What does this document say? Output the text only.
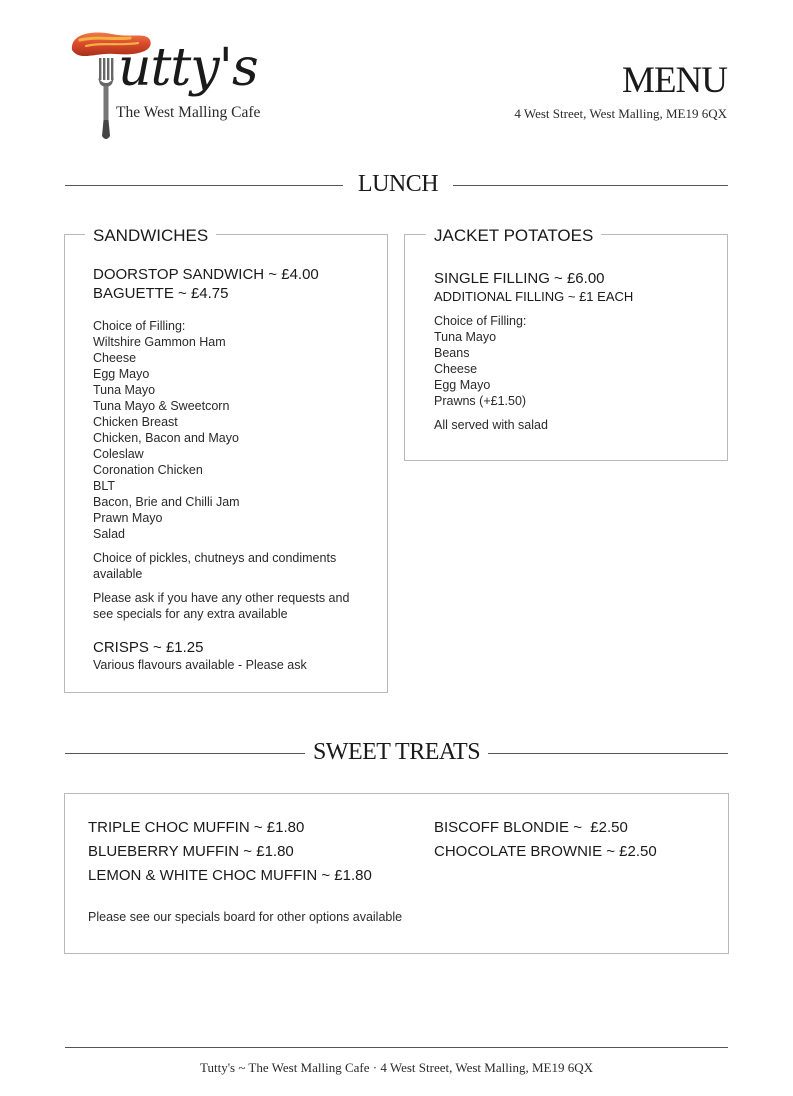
utty's
The West Malling Cafe
MENU
4 West Street, West Malling, ME19 6QX
LUNCH
SANDWICHES
DOORSTOP SANDWICH ~ £4.00
BAGUETTE ~ £4.75
Choice of Filling:
Wiltshire Gammon Ham
Cheese
Egg Mayo
Tuna Mayo
Tuna Mayo & Sweetcorn
Chicken Breast
Chicken, Bacon and Mayo
Coleslaw
Coronation Chicken
BLT
Bacon, Brie and Chilli Jam
Prawn Mayo
Salad
Choice of pickles, chutneys and condiments available
Please ask if you have any other requests and see specials for any extra available
CRISPS ~ £1.25
Various flavours available - Please ask
JACKET POTATOES
SINGLE FILLING ~ £6.00
ADDITIONAL FILLING ~ £1 EACH
Choice of Filling:
Tuna Mayo
Beans
Cheese
Egg Mayo
Prawns (+£1.50)
All served with salad
SWEET TREATS
TRIPLE CHOC MUFFIN ~ £1.80
BLUEBERRY MUFFIN ~ £1.80
LEMON & WHITE CHOC MUFFIN ~ £1.80
BISCOFF BLONDIE ~  £2.50
CHOCOLATE BROWNIE ~ £2.50
Please see our specials board for other options available
Tutty's ~ The West Malling Cafe · 4 West Street, West Malling, ME19 6QX
